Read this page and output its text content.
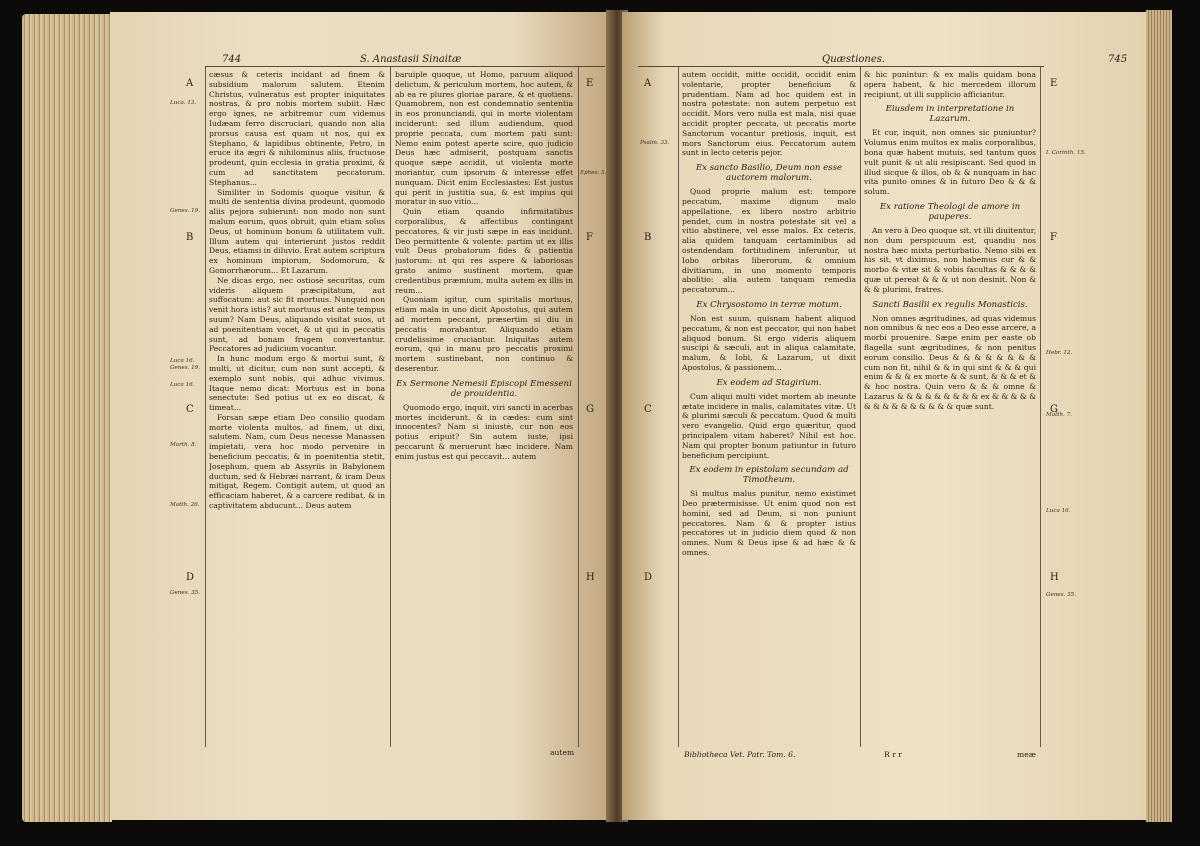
744	S. Anastasii Sinaitæ
A
B
C
D
E
F
G
H
Luca. 13.
Genes. 19.
Luca 16. Genes. 19.
Luca 16.
Marth. 8.
Matth. 26.
Genes. 35.
Ephes. 5.

cæsus & ceteris incidant ad finem & subsidium malorum salutem. Etenim Christus, vulneratus est propter iniquitates nostras, & pro nobis mortem subiit. Hæc ergo ignes, ne arbitremur cum videmus Iudæam ferro discruciari, quando non alia prorsus causa est quam ut nos, qui ex Stephano, & lapidibus obtinente, Petro, in eruce ita ægri & nihilominus aliis, fructuose prodeunt, quin ecclesia in gratia proximi, & cum ad sanctitatem peccatorum. Stephanus...

Similiter in Sodomis quoque visitur, & multi de sententia divina prodeunt, quomodo aliis pejora subierunt: non modo non sunt malum eorum, quos obruit, quin etiam solus Deus, ut hominum bonum & utilitatem vult. Illum autem qui interierunt justos reddit Deus, etiamsi in diluvio. Erat autem scriptura ex hominum impiorum, Sodomorum, & Gomorrhæorum... Et Lazarum.

Ne dicas ergo, nec ostiosè securitas, cum videris aliquem præcipitatum, aut suffocatum: aut sic fit mortuus. Nunquid non venit hora istis? aut mortuus est ante tempus suum? Nam Deus, aliquando visitat suos, ut ad poenitentiam vocet, & ut qui in peccatis sunt, ad bonam frugem convertantur. Peccatores ad judicium vocantur.

In hunc modum ergo & mortui sunt, & multi, ut dicitur, cum non sunt accepti, & exemplo sunt nobis, qui adhuc vivimus. Itaque nemo dicat: Mortuus est in bona senectute: Sed potius ut ex eo discat, & timeat...

Forsan sæpe etiam Deo consilio quodam morte violenta multos, ad finem, ut dixi, salutem. Nam, cum Deus necesse Manassen impietati, vera hoc modo pervenire in beneficium peccatis, & in poenitentia stetit, Josephum, quem ab Assyriis in Babylonem ductum, sed & Hebræi narrant, & iram Deus mitigat, Regem. Contigit autem, ut quod an efficaciam haberet, & a carcere redibat, & in captivitatem abducunt... Deus autem

baruiple quoque, ut Homo, paruum aliquod delictum, & periculum mortem, hoc autem, & ab ea re plures gloriae parare, & et quotiens. Quamobrem, non est condemnatio sententia in eos pronunciandi, qui in morte violentam inciderunt: sed illum audiendum, quod proprie peccata, cum mortem pati sunt: Nemo enim potest aperte scire, quo judicio Deus hæc admiserit, postquam sanctis quoque sæpe accidit, ut violenta morte moriantur, cum ipsorum & interesse effet nunquam. Dicit enim Ecclesiastes: Est justus qui perit in justitia sua, & est impius qui moratur in suo vitio...

Quin etiam quando infirmitatibus corporalibus, & affectibus contingant peccatores, & vir justi sæpe in eas incidunt. Deo permittente & volente: partim ut ex illis vult Deus probatorum fides & patientia justorum: ut qui res aspere & laboriosas grato animo sustinent mortem, quæ credentibus præmium, multa autem ex illis in reum...

Quoniam igitur, cum spiritalis mortuus, etiam mala in uno dicit Apostolus, qui autem ad mortem peccant, præsertim si diu in peccatis morabantur. Aliquando etiam crudelissime cruciantur. Iniquitas autem eorum, qui in manu pro peccatis proximi mortem sustinebant, non continuo & deserentur.

Ex Sermone Nemesii Episcopi Emesseni de prouidentia.

Quomodo ergo, inquit, viri sancti in acerbas mortes inciderunt, & in cædes: cum sint innocentes? Nam si iniustè, cur non eos potius eripuit? Sin autem iuste, ipsi peccarunt & meruerunt hæc incidere. Nam enim justus est qui peccavit... autem

autem
Quæstiones.	745
A
B
C
D
E
F
G
H
Psalm. 33.
I. Corinth. 15.
Hebr. 12.
Matth. 7.
Luca 16.
Genes. 35.

autem occidit, mitte occidit, occidit enim volentarie, propter beneficium & prudentiam. Nam ad hoc quidem est in nostra potestate: non autem perpetuo est occidit. Mors vero nulla est mala, nisi quae accidit propter peccata, ut peccatis morte Sanctorum vocantur pretiosis, inquit, est mors Sanctorum eius. Peccatorum autem sunt in lecto ceteris pejor.

Ex sancto Basilio, Deum non esse auctorem malorum.

Quod proprie malum est: tempore peccatum, maxime dignum malo appellatione, ex libero nostro arbitrio pendet, cum in nostra potestate sit vel a vitio abstinere, vel esse malos. Ex ceteris, alia quidem tanquam certaminibus ad ostendendam fortitudinem inferuntur, ut Iobo orbitas liberorum, & omnium divitiarum, in uno momento temporis abolitio: alia autem tanquam remedia peccatorum...

Ex Chrysostomo in terræ motum.

Non est suum, quisnam habent aliquod peccatum, & non est peccator, qui non habet aliquod bonum. Si ergo videris aliquem suscipi & sæculi, aut in aliqua calamitate, malum, & Iobi, & Lazarum, ut dixit Apostolus, & passionem...

Ex eodem ad Stagirium.

Cum aliqui multi videt mortem ab ineunte ætate incidere in malis, calamitates vitæ. Ut & plurimi sæculi & peccatum. Quod & multi vero evangelio. Quid ergo quæritur, quod principalem vitam haberet? Nihil est hoc. Nam qui propter bonum patiuntur in futuro beneficium percipiunt.

Ex eodem in epistolam secundam ad Timotheum.

Si multus malus punitur, nemo existimet Deo prætermisisse. Ut enim quod non est homini, sed ad Deum, si non puniunt peccatores. Nam & & propter istius peccatores ut in judicio diem quod & non omnes. Num & Deus ipse & ad hæc & & omnes.

& hic punintur: & ex malis quidam bona opera habent, & hic mercedem illorum recipiunt, ut illi supplicio afficiantur.

Eiusdem in interpretatione in Lazarum.

Et cur, inquit, non omnes sic puniuntur? Volumus enim multos ex malis corporalibus, bona quæ habent mutuis, sed tantum quos vult punit & ut alii resipiscant. Sed quod in illud sicque & illos, ob & & nunquam in hac vita punito omnes & in futuro Deo & & & solum.

Ex ratione Theologi de amore in pauperes.

An vero à Deo quoque sit, vt illi diuitentur, non dum perspicuum est, quandiu nos nostra hæc mixta perturbatio. Nemo sibi ex his sit, vt diximus, non habemus cur & & morbo & vitæ sit & vobis facultas & & & & quæ ut pereat & & & ut non desinit. Non & & & plurimi, fratres.

Sancti Basilii ex regulis Monasticis.

Non omnes ægritudines, ad quas videmus non omnibus & nec eos a Deo esse arcere, a morbi prouenire. Sæpe enim per easte ob flagella sunt ægritudines, & non penitus eorum consilio. Deus & & & & & & & & cum non fit, nihil & & in qui sint & & & qui enim & & & ex morte & & sunt, & & & et & & hoc nostra. Quin vero & & & omne & Lazarus & & & & & & & & & ex & & & & & & & & & & & & & & & quæ sunt.

Bibliotheca Vet. Patr. Tom. 6.	R r r	meæ
